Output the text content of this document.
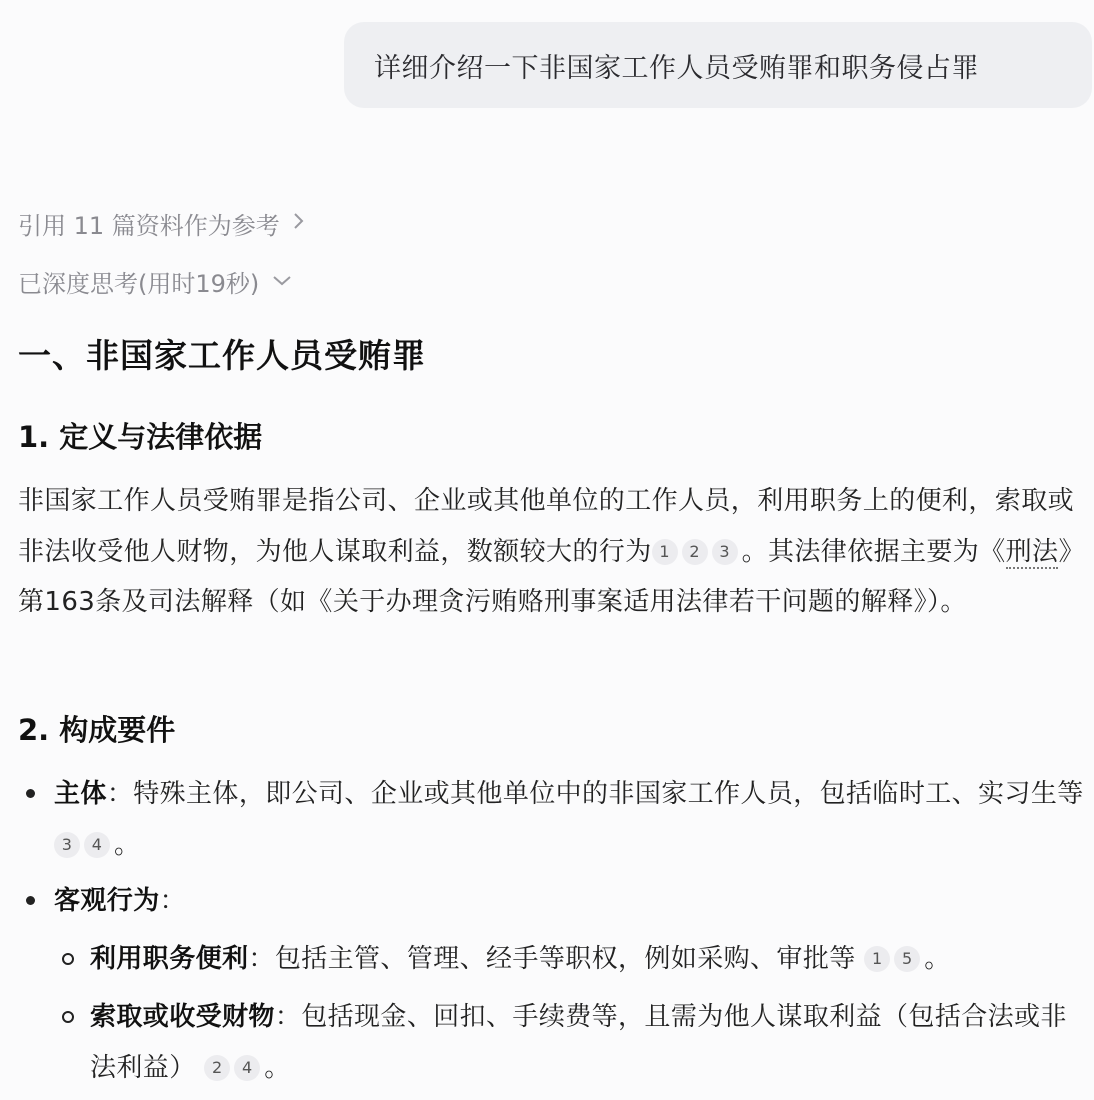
详细介绍一下非国家工作人员受贿罪和职务侵占罪
引用 11 篇资料作为参考
已深度思考(用时19秒)
一、非国家工作人员受贿罪
1. 定义与法律依据

非国家工作人员受贿罪是指公司、企业或其他单位的工作人员，利用职务上的便利，索取或非法收受他人财物，为他人谋取利益，数额较大的行为 1 2 3 。其法律依据主要为《刑法》第163条及司法解释（如《关于办理贪污贿赂刑事案适用法律若干问题的解释》）。

2. 构成要件
主体：特殊主体，即公司、企业或其他单位中的非国家工作人员，包括临时工、实习生等 3 4 。
客观行为：
利用职务便利：包括主管、管理、经手等职权，例如采购、审批等 1 5 。
索取或收受财物：包括现金、回扣、手续费等，且需为他人谋取利益（包括合法或非法利益） 2 4 。
